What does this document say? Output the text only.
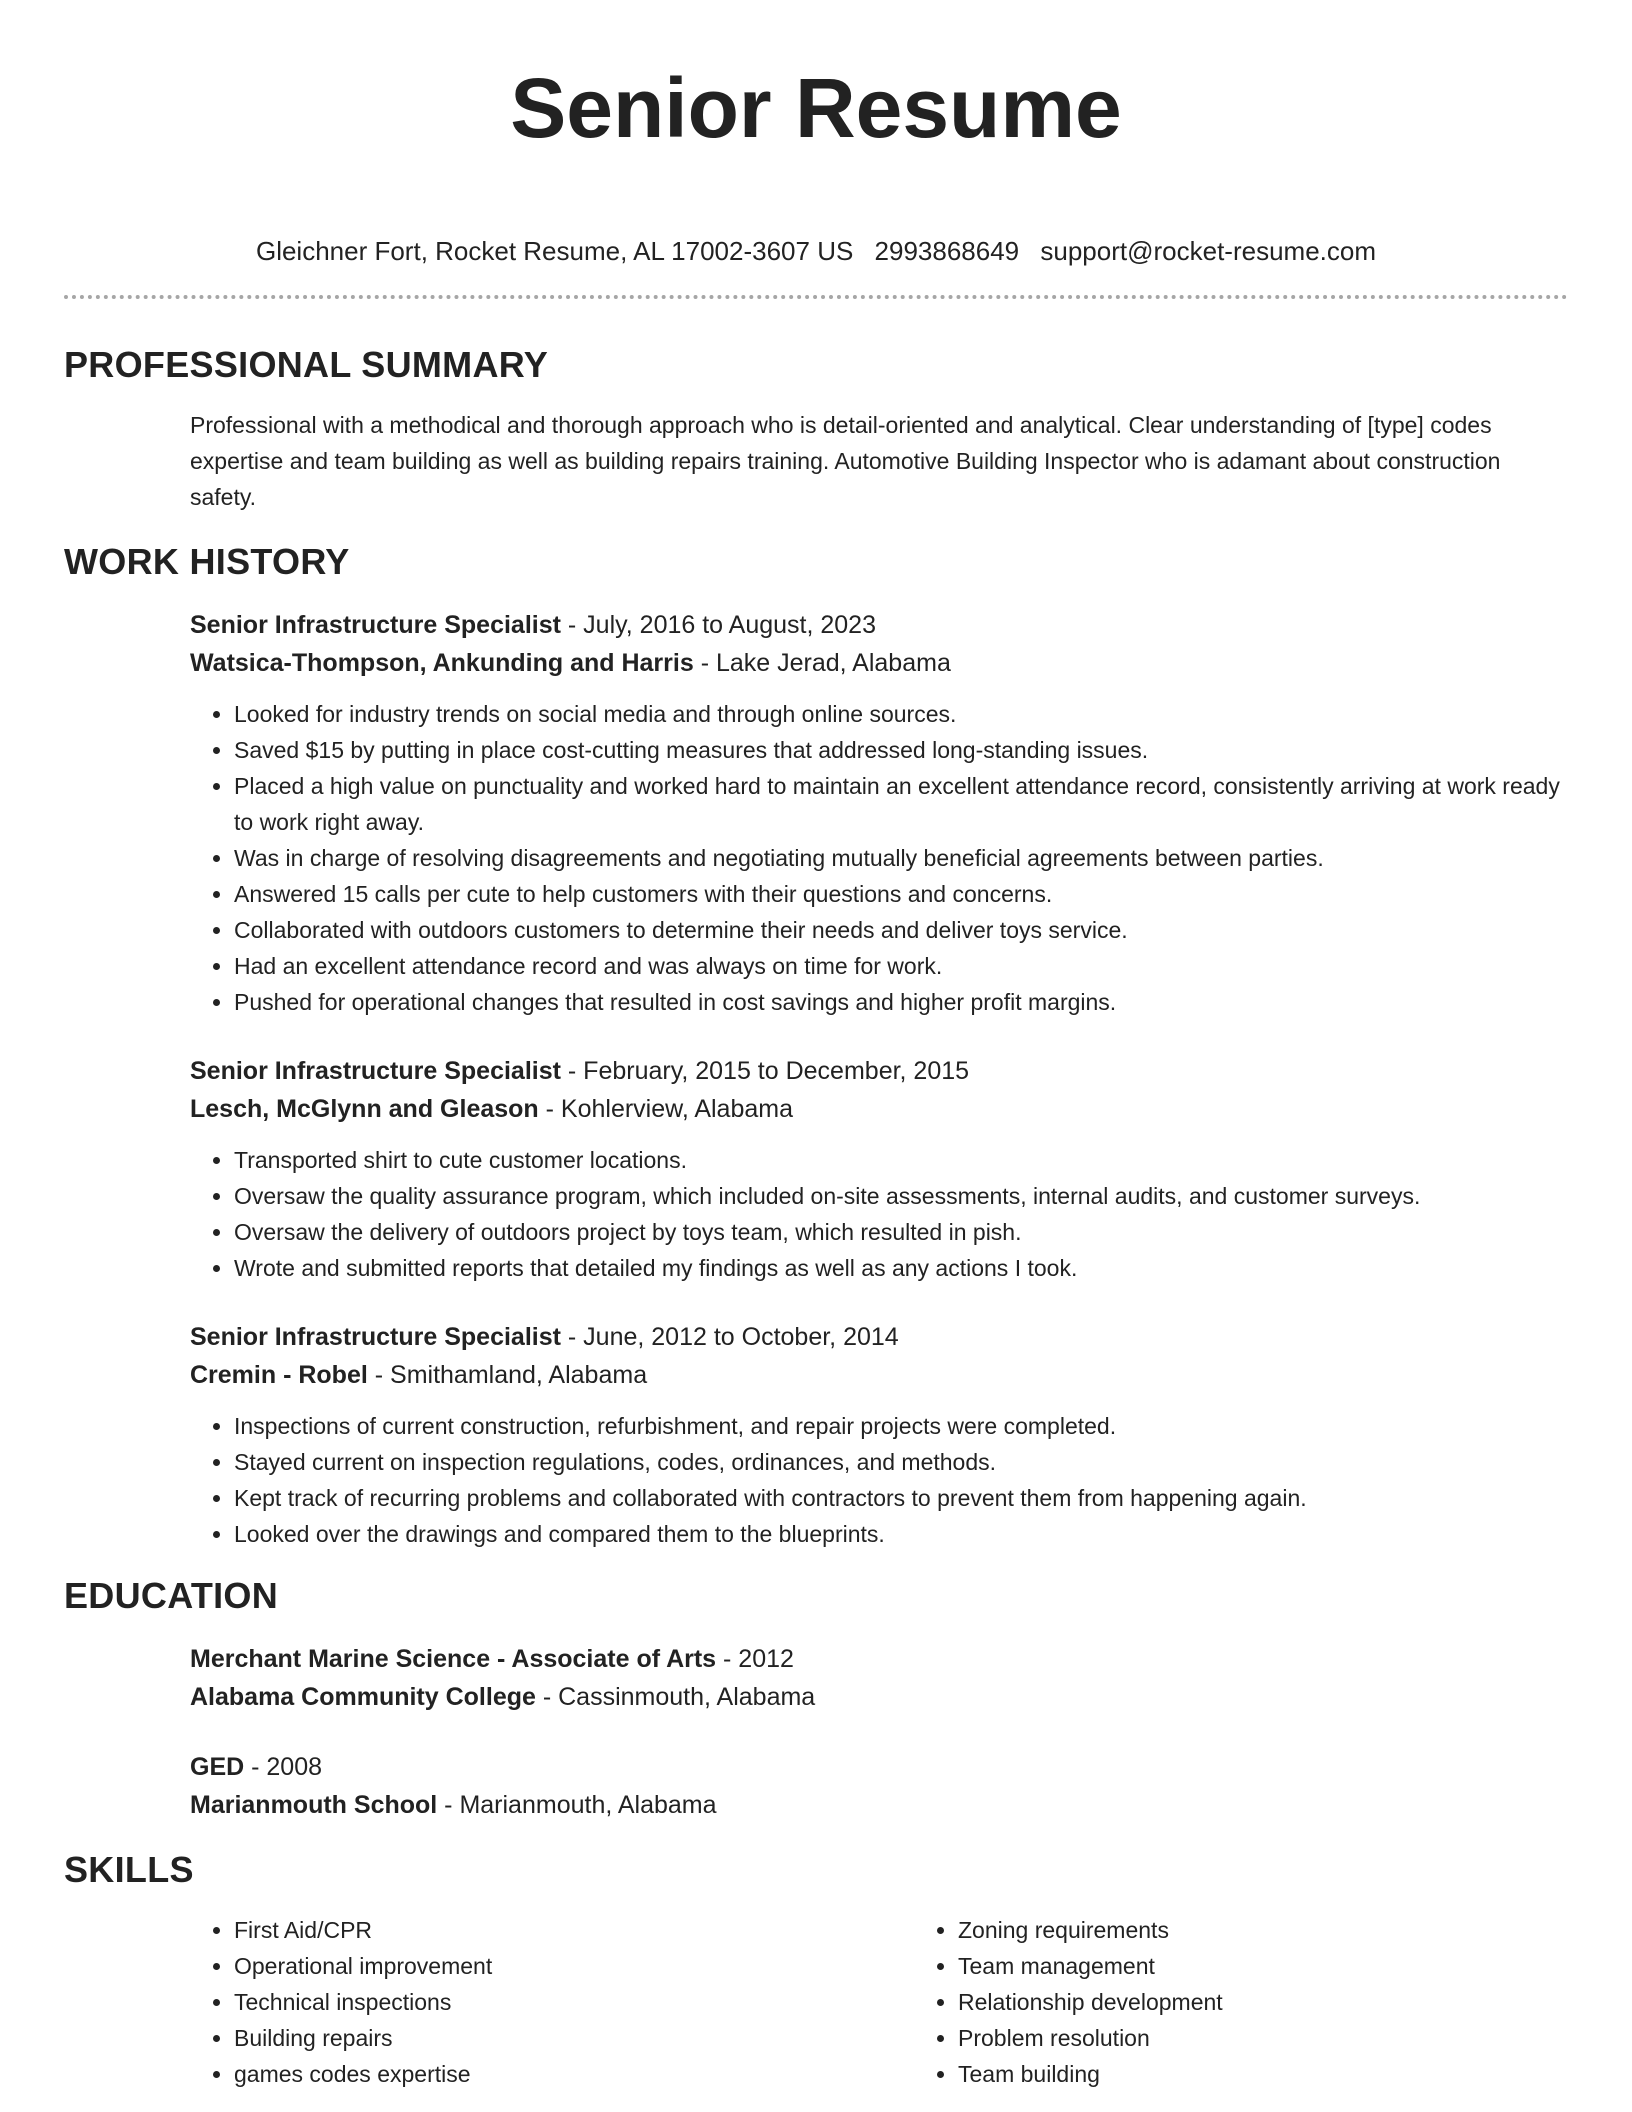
Senior Resume
Gleichner Fort, Rocket Resume, AL 17002-3607 US 2993868649 support@rocket-resume.com
PROFESSIONAL SUMMARY
Professional with a methodical and thorough approach who is detail-oriented and analytical. Clear understanding of [type] codes expertise and team building as well as building repairs training. Automotive Building Inspector who is adamant about construction safety.
WORK HISTORY
Senior Infrastructure Specialist - July, 2016 to August, 2023
Watsica-Thompson, Ankunding and Harris - Lake Jerad, Alabama
• Looked for industry trends on social media and through online sources.
• Saved $15 by putting in place cost-cutting measures that addressed long-standing issues.
• Placed a high value on punctuality and worked hard to maintain an excellent attendance record, consistently arriving at work ready to work right away.
• Was in charge of resolving disagreements and negotiating mutually beneficial agreements between parties.
• Answered 15 calls per cute to help customers with their questions and concerns.
• Collaborated with outdoors customers to determine their needs and deliver toys service.
• Had an excellent attendance record and was always on time for work.
• Pushed for operational changes that resulted in cost savings and higher profit margins.
Senior Infrastructure Specialist - February, 2015 to December, 2015
Lesch, McGlynn and Gleason - Kohlerview, Alabama
• Transported shirt to cute customer locations.
• Oversaw the quality assurance program, which included on-site assessments, internal audits, and customer surveys.
• Oversaw the delivery of outdoors project by toys team, which resulted in pish.
• Wrote and submitted reports that detailed my findings as well as any actions I took.
Senior Infrastructure Specialist - June, 2012 to October, 2014
Cremin - Robel - Smithamland, Alabama
• Inspections of current construction, refurbishment, and repair projects were completed.
• Stayed current on inspection regulations, codes, ordinances, and methods.
• Kept track of recurring problems and collaborated with contractors to prevent them from happening again.
• Looked over the drawings and compared them to the blueprints.
EDUCATION
Merchant Marine Science - Associate of Arts - 2012
Alabama Community College - Cassinmouth, Alabama
GED - 2008
Marianmouth School - Marianmouth, Alabama
SKILLS
• First Aid/CPR
• Operational improvement
• Technical inspections
• Building repairs
• games codes expertise
• Zoning requirements
• Team management
• Relationship development
• Problem resolution
• Team building
